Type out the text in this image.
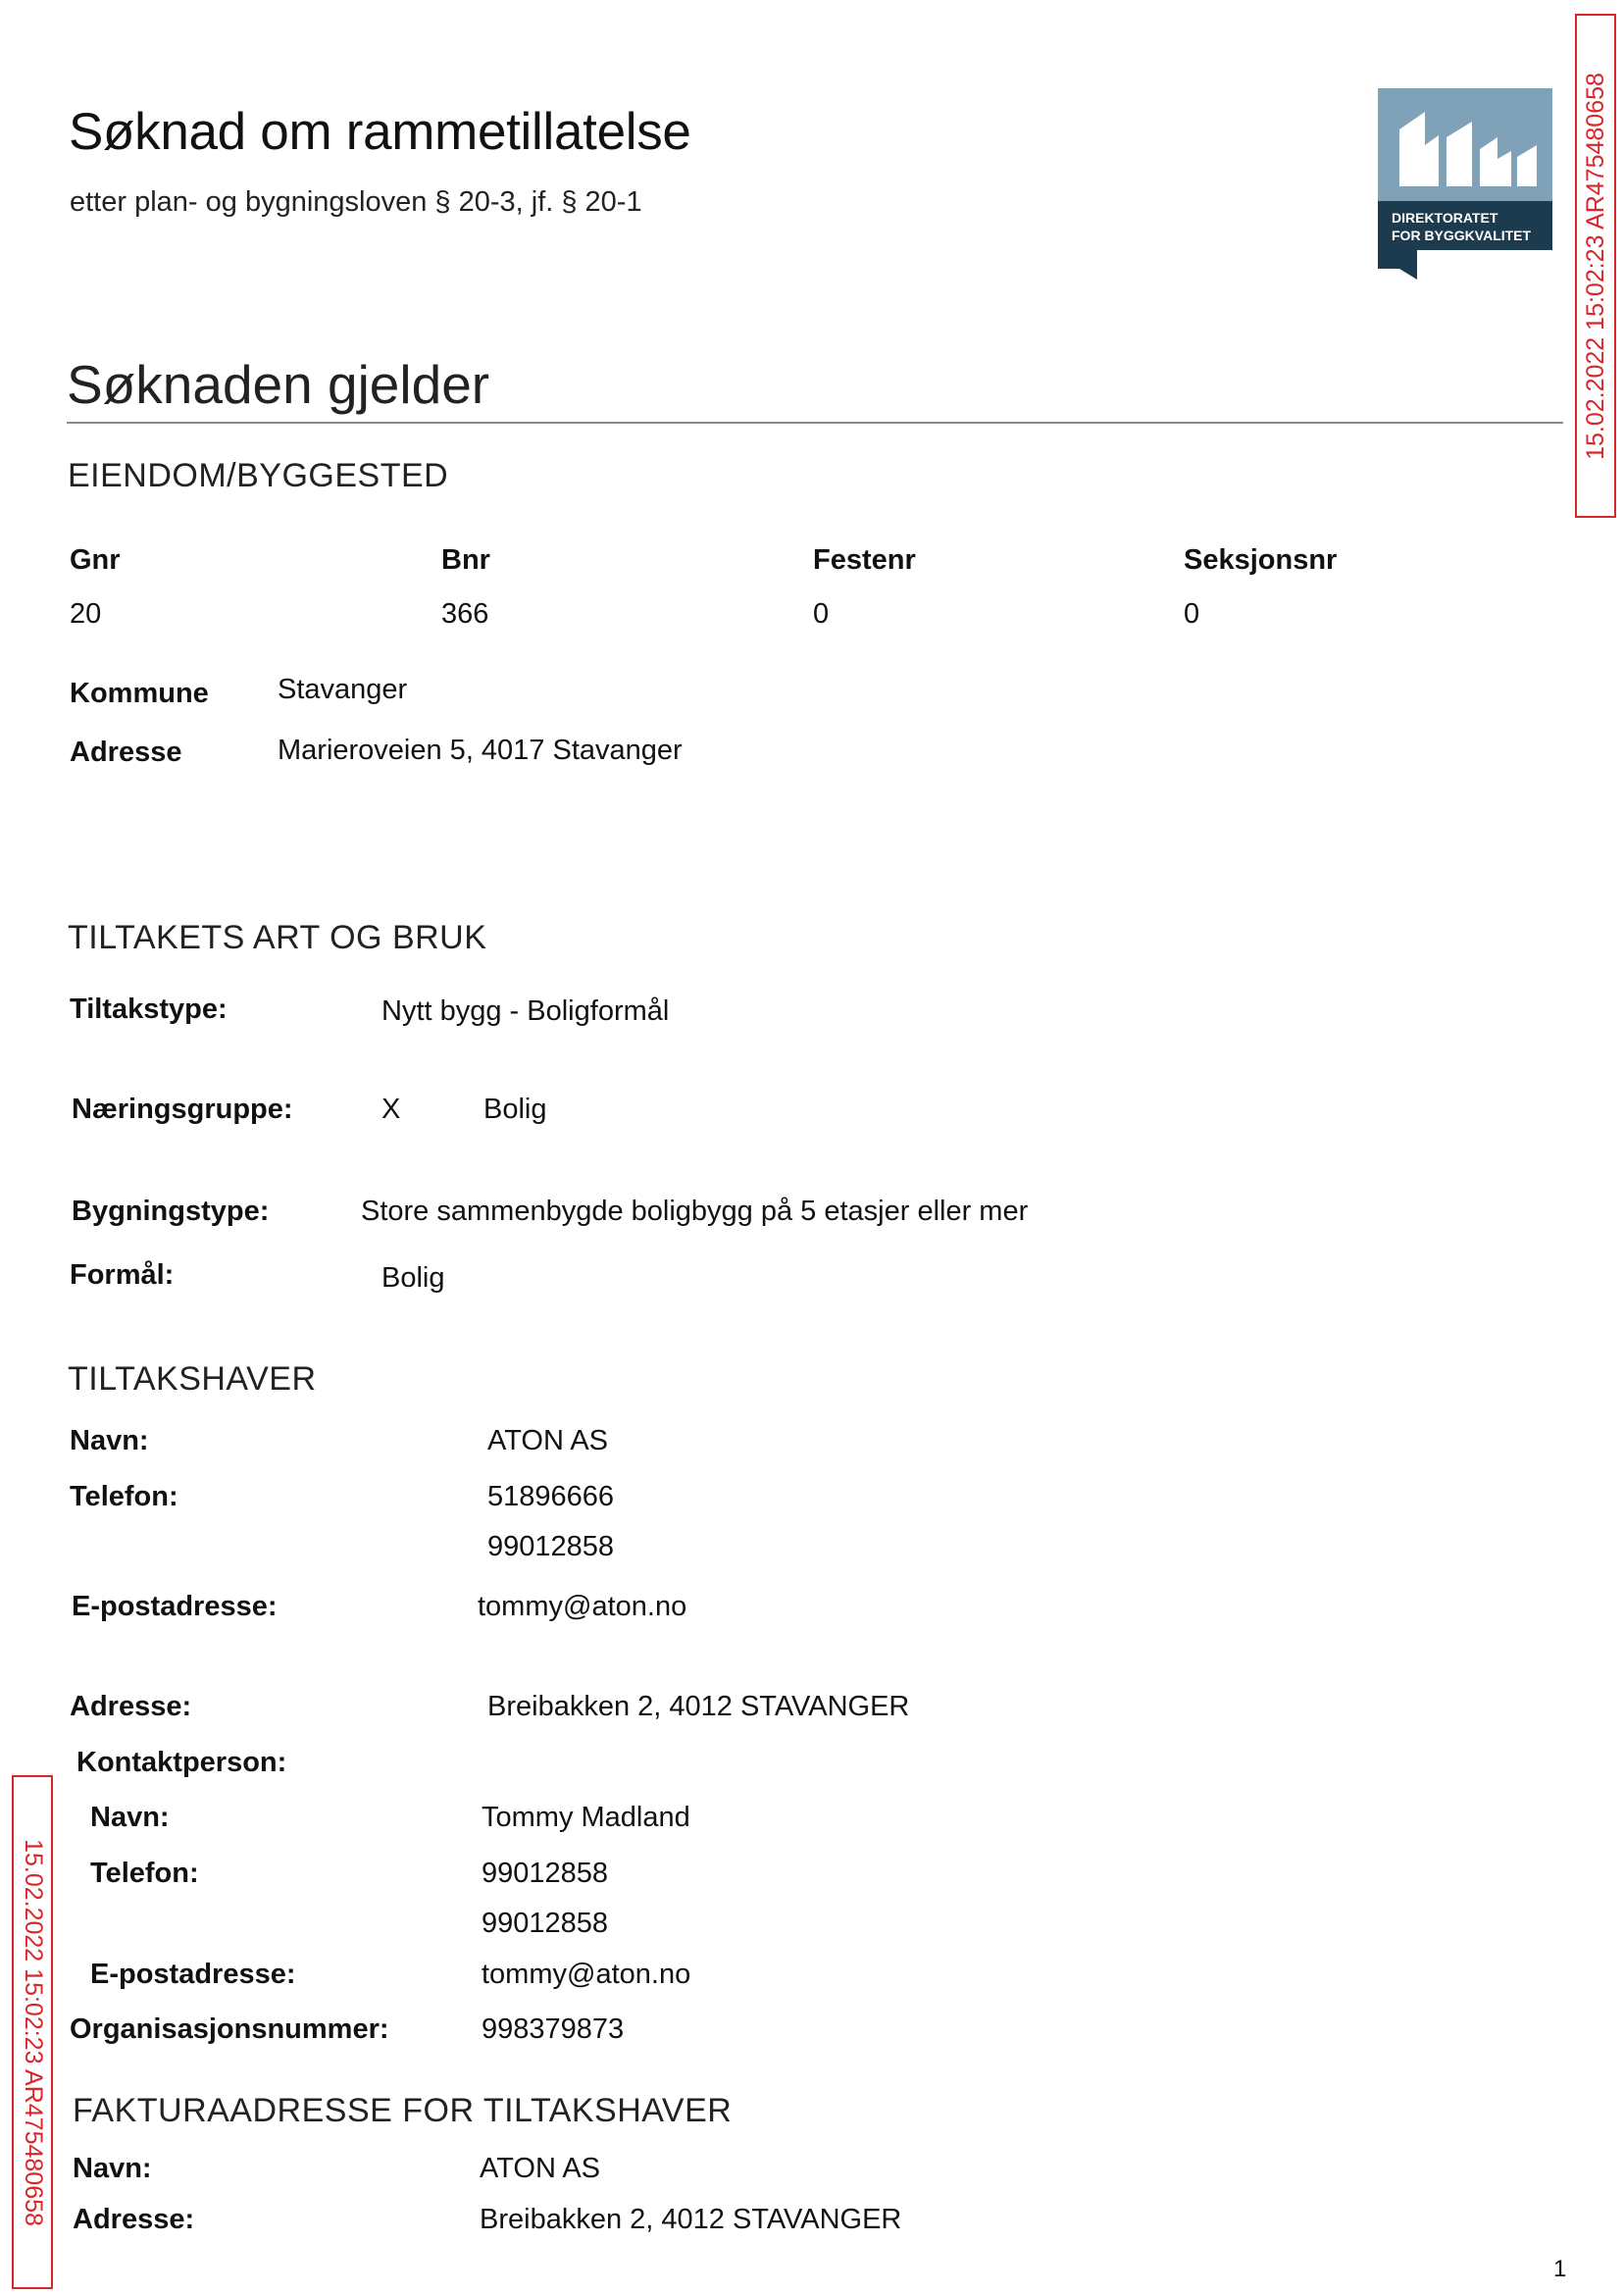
Søknad om rammetillatelse
etter plan- og bygningsloven § 20-3, jf. § 20-1	DIREKTORATET
FOR BYGGKVALITET 15.02.2022 15:02:23 AR475480658
15.02.2022 15:02:23 AR475480658
Søknaden gjelder
EIENDOM/BYGGESTED
Gnr	Bnr	Festenr	Seksjonsnr
20	366	0	0
Kommune Stavanger
Adresse	Marieroveien 5, 4017 Stavanger
TILTAKETS ART OG BRUK
Tiltakstype:	Nytt bygg - Boligformål
Næringsgruppe:	X	Bolig
Bygningstype:	Store sammenbygde boligbygg på 5 etasjer eller mer
Formål:	Bolig
TILTAKSHAVER
Navn:	ATON AS
Telefon:	51896666
99012858
E-postadresse:	tommy@aton.no
Adresse:	Breibakken 2, 4012 STAVANGER
Kontaktperson:
Navn:	Tommy Madland
Telefon:	99012858
99012858
E-postadresse:	tommy@aton.no
Organisasjonsnummer:	998379873
FAKTURAADRESSE FOR TILTAKSHAVER
Navn:	ATON AS
Adresse:	Breibakken 2, 4012 STAVANGER
1
